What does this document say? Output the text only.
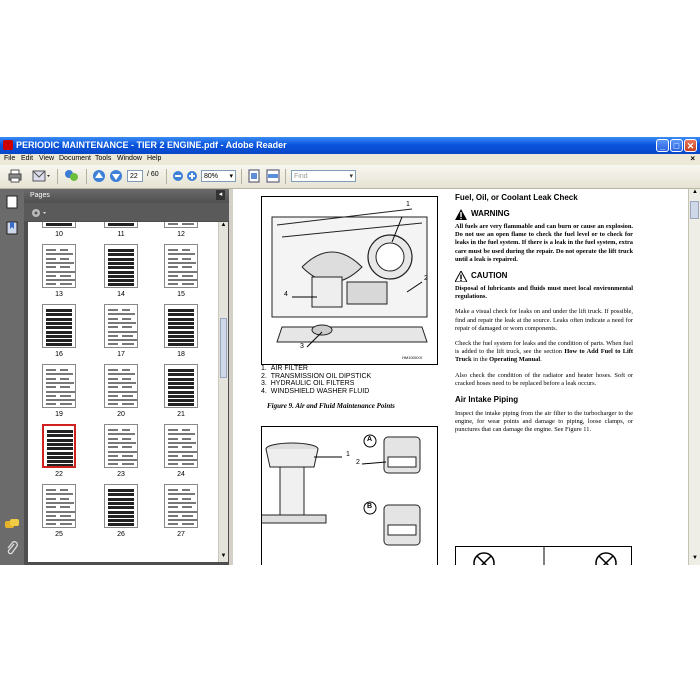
PERIODIC MAINTENANCE - TIER 2 ENGINE.pdf - Adobe Reader	_ □ ✕
File Edit View Document Tools Window Help	×
22	/ 60	80% ▾	Find	▾
Pages	◂
10	11	12
13	14	15
16	17	18
19	20	21
22	23	24
25	26	27
▲
▼
1
2
3
4
HM1000XX
1.  AIR FILTER
2.  TRANSMISSION OIL DIPSTICK
3.  HYDRAULIC OIL FILTERS
4.  WINDSHIELD WASHER FLUID
Figure 9. Air and Fluid Maintenance Points
1
2
A
B
Fuel, Oil, or Coolant Leak Check
WARNING
All fuels are very flammable and can burn or cause an explosion. Do not use an open flame to check the fuel level or to check for leaks in the fuel system. If there is a leak in the fuel system, extra care must be used during the repair. Do not operate the lift truck until a leak is repaired.
CAUTION
Disposal of lubricants and fluids must meet local environmental regulations.
Make a visual check for leaks on and under the lift truck. If possible, find and repair the leak at the source. Leaks often indicate a need for repair of damaged or worn components.
Check the fuel system for leaks and the condition of parts. When fuel is added to the lift truck, see the section How to Add Fuel to Lift Truck in the Operating Manual.
Also check the condition of the radiator and heater hoses. Soft or cracked hoses need to be replaced before a leak occurs.
Air Intake Piping
Inspect the intake piping from the air filter to the turbocharger to the engine, for wear points and damage to piping, loose clamps, or punctures that can damage the engine. See Figure 11.
▲
▼
